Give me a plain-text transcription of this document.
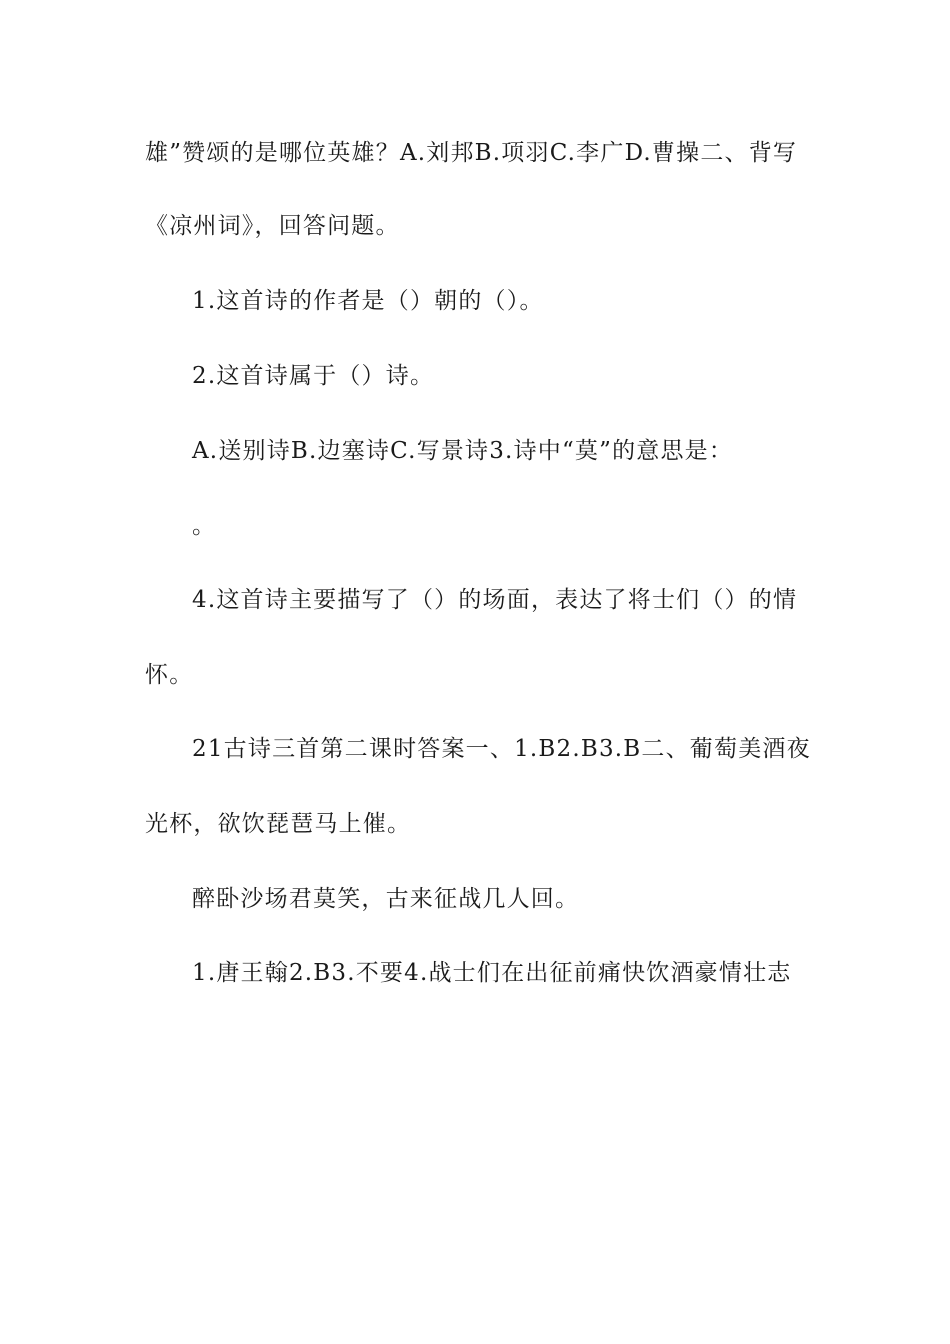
雄”赞颂的是哪位英雄？A.刘邦B.项羽C.李广D.曹操二、背写
《凉州词》，回答问题。
1.这首诗的作者是（）朝的（）。
2.这首诗属于（）诗。
A.送别诗B.边塞诗C.写景诗3.诗中“莫”的意思是：
。
4.这首诗主要描写了（）的场面，表达了将士们（）的情
怀。
21古诗三首第二课时答案一、1.B2.B3.B二、葡萄美酒夜
光杯，欲饮琵琶马上催。
醉卧沙场君莫笑，古来征战几人回。
1.唐王翰2.B3.不要4.战士们在出征前痛快饮酒豪情壮志
